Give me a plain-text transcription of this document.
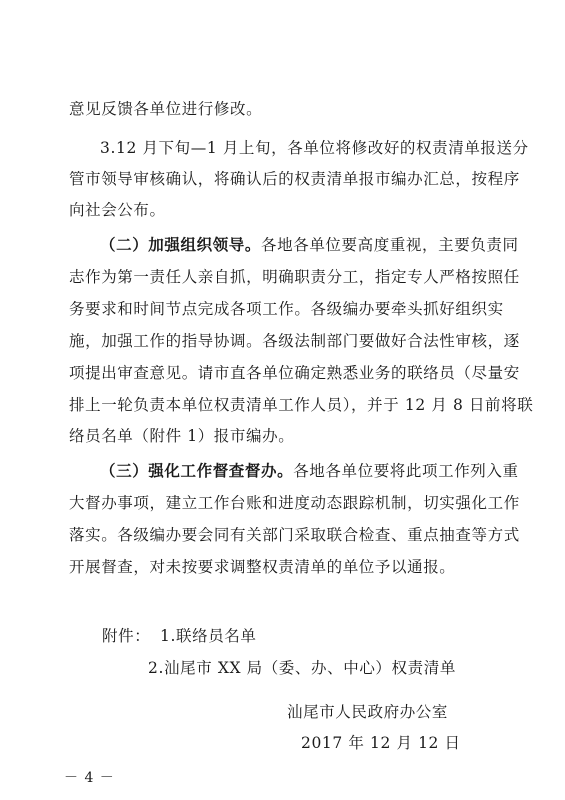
意见反馈各单位进行修改。
3.12 月下旬—1 月上旬，各单位将修改好的权责清单报送分
管市领导审核确认，将确认后的权责清单报市编办汇总，按程序
向社会公布。
（二）加强组织领导。各地各单位要高度重视，主要负责同
志作为第一责任人亲自抓，明确职责分工，指定专人严格按照任
务要求和时间节点完成各项工作。各级编办要牵头抓好组织实
施，加强工作的指导协调。各级法制部门要做好合法性审核，逐
项提出审查意见。请市直各单位确定熟悉业务的联络员（尽量安
排上一轮负责本单位权责清单工作人员），并于 12 月 8 日前将联
络员名单（附件 1）报市编办。
（三）强化工作督查督办。各地各单位要将此项工作列入重
大督办事项，建立工作台账和进度动态跟踪机制，切实强化工作
落实。各级编办要会同有关部门采取联合检查、重点抽查等方式
开展督查，对未按要求调整权责清单的单位予以通报。
附件： 1.联络员名单
2.汕尾市 XX 局（委、办、中心）权责清单
汕尾市人民政府办公室
2017 年 12 月 12 日
－ 4 －
